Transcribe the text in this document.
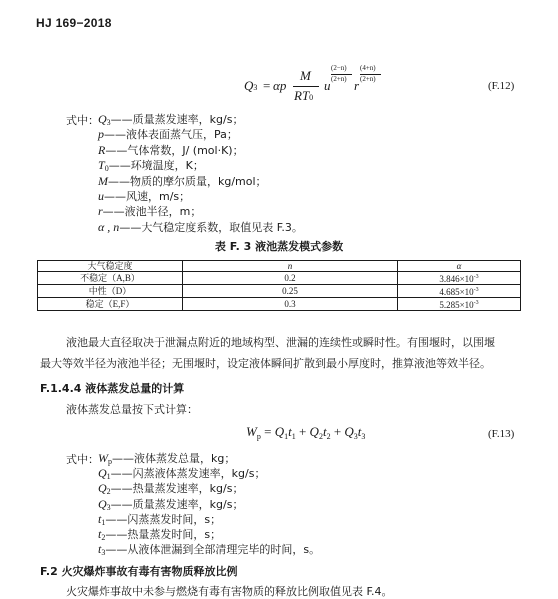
HJ 169−2018
Q3 = αp
M
RT0
u
(2−n)
(2+n) r
(4+n)
(2+n)
(F.12)
式中： $Q_3——$质量蒸发速率，kg/s；
p——液体表面蒸气压，Pa；
R——气体常数，J/ (mol·K)；
$T_0——$环境温度，K；
M——物质的摩尔质量，kg/mol；
u——风速，m/s；
r——液池半径，m；
α , n——大气稳定度系数，取值见表 F.3。
表 F. 3 液池蒸发模式参数
大气稳定度	n	α
不稳定（A,B）	0.2	$3.846\times 10^{-3}$
中性（D）	0.25	$4.685\times 10^{-3}$
稳定（E,F）	0.3	$5.285\times 10^{-3}$
液池最大直径取决于泄漏点附近的地域构型、泄漏的连续性或瞬时性。有围堰时，以围堰
最大等效半径为液池半径；无围堰时，设定液体瞬间扩散到最小厚度时，推算液池等效半径。
F.1.4.4 液体蒸发总量的计算
液体蒸发总量按下式计算：
$W_p = Q_1t_1 + Q_2t_2 + Q_3t_3$	(F.13)
式中： $W_p——$液体蒸发总量，kg；
$Q_1——$闪蒸液体蒸发速率，kg/s；
$Q_2——$热量蒸发速率，kg/s；
$Q_3——$质量蒸发速率，kg/s；
$t_1——$闪蒸蒸发时间，s；
$t_2——$热量蒸发时间，s；
$t_3——$从液体泄漏到全部清理完毕的时间，s。
F.2 火灾爆炸事故有毒有害物质释放比例
火灾爆炸事故中未参与燃烧有毒有害物质的释放比例取值见表 F.4。
